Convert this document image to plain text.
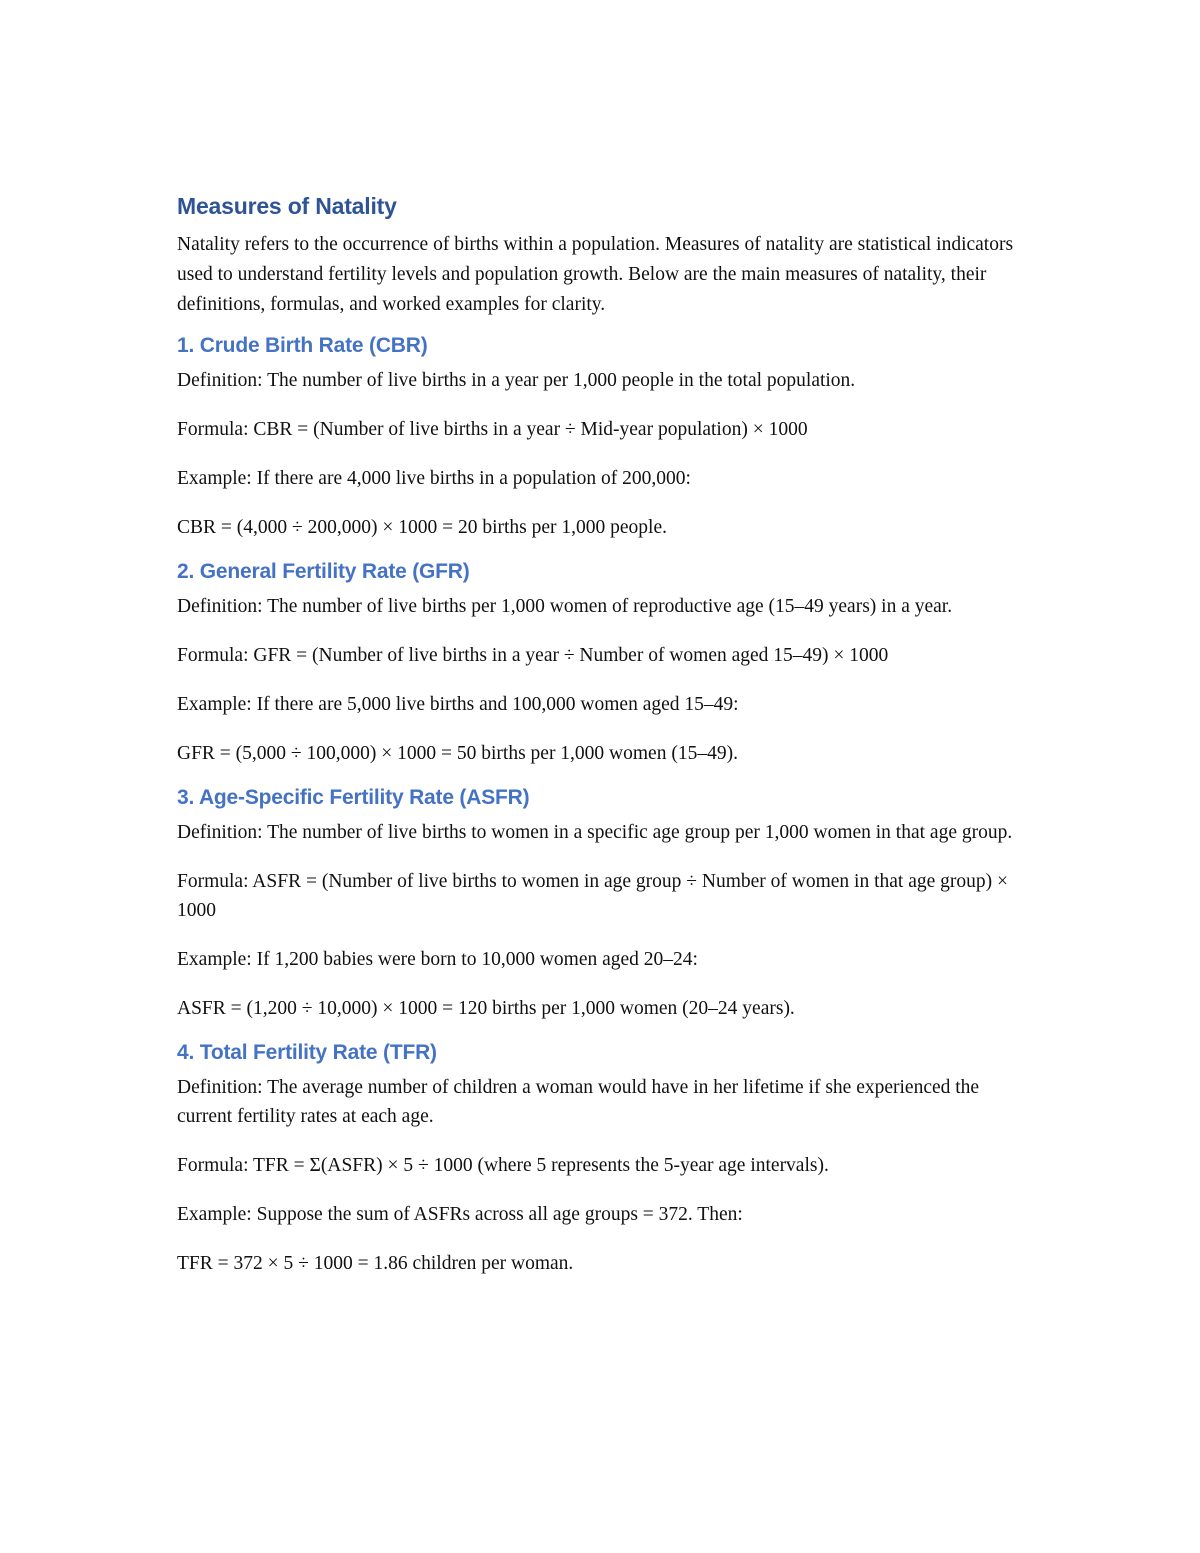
Measures of Natality

Natality refers to the occurrence of births within a population. Measures of natality are statistical indicators used to understand fertility levels and population growth. Below are the main measures of natality, their definitions, formulas, and worked examples for clarity.

1. Crude Birth Rate (CBR)

Definition: The number of live births in a year per 1,000 people in the total population.

Formula: CBR = (Number of live births in a year ÷ Mid-year population) × 1000

Example: If there are 4,000 live births in a population of 200,000:

CBR = (4,000 ÷ 200,000) × 1000 = 20 births per 1,000 people.

2. General Fertility Rate (GFR)

Definition: The number of live births per 1,000 women of reproductive age (15–49 years) in a year.

Formula: GFR = (Number of live births in a year ÷ Number of women aged 15–49) × 1000

Example: If there are 5,000 live births and 100,000 women aged 15–49:

GFR = (5,000 ÷ 100,000) × 1000 = 50 births per 1,000 women (15–49).

3. Age-Specific Fertility Rate (ASFR)

Definition: The number of live births to women in a specific age group per 1,000 women in that age group.

Formula: ASFR = (Number of live births to women in age group ÷ Number of women in that age group) × 1000

Example: If 1,200 babies were born to 10,000 women aged 20–24:

ASFR = (1,200 ÷ 10,000) × 1000 = 120 births per 1,000 women (20–24 years).

4. Total Fertility Rate (TFR)

Definition: The average number of children a woman would have in her lifetime if she experienced the current fertility rates at each age.

Formula: TFR = Σ(ASFR) × 5 ÷ 1000 (where 5 represents the 5-year age intervals).

Example: Suppose the sum of ASFRs across all age groups = 372. Then:

TFR = 372 × 5 ÷ 1000 = 1.86 children per woman.
